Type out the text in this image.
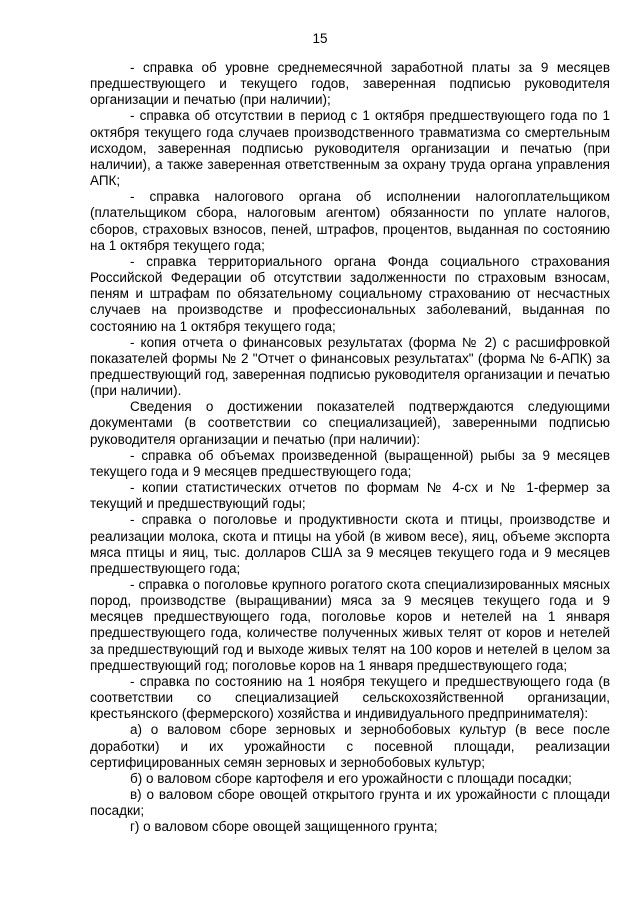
15

- справка об уровне среднемесячной заработной платы за 9 месяцев предшествующего и текущего годов, заверенная подписью руководителя организации и печатью (при наличии);

- справка об отсутствии в период с 1 октября предшествующего года по 1 октября текущего года случаев производственного травматизма со смертельным исходом, заверенная подписью руководителя организации и печатью (при наличии), а также заверенная ответственным за охрану труда органа управления АПК;

- справка налогового органа об исполнении налогоплательщиком (плательщиком сбора, налоговым агентом) обязанности по уплате налогов, сборов, страховых взносов, пеней, штрафов, процентов, выданная по состоянию на 1 октября текущего года;

- справка территориального органа Фонда социального страхования Российской Федерации об отсутствии задолженности по страховым взносам, пеням и штрафам по обязательному социальному страхованию от несчастных случаев на производстве и профессиональных заболеваний, выданная по состоянию на 1 октября текущего года;

- копия отчета о финансовых результатах (форма № 2) с расшифровкой показателей формы № 2 "Отчет о финансовых результатах" (форма № 6-АПК) за предшествующий год, заверенная подписью руководителя организации и печатью (при наличии).

Сведения о достижении показателей подтверждаются следующими документами (в соответствии со специализацией), заверенными подписью руководителя организации и печатью (при наличии):

- справка об объемах произведенной (выращенной) рыбы за 9 месяцев текущего года и 9 месяцев предшествующего года;

- копии статистических отчетов по формам № 4-сх и № 1-фермер за текущий и предшествующий годы;

- справка о поголовье и продуктивности скота и птицы, производстве и реализации молока, скота и птицы на убой (в живом весе), яиц, объеме экспорта мяса птицы и яиц, тыс. долларов США за 9 месяцев текущего года и 9 месяцев предшествующего года;

- справка о поголовье крупного рогатого скота специализированных мясных пород, производстве (выращивании) мяса за 9 месяцев текущего года и 9 месяцев предшествующего года, поголовье коров и нетелей на 1 января предшествующего года, количестве полученных живых телят от коров и нетелей за предшествующий год и выходе живых телят на 100 коров и нетелей в целом за предшествующий год; поголовье коров на 1 января предшествующего года;

- справка по состоянию на 1 ноября текущего и предшествующего года (в соответствии со специализацией сельскохозяйственной организации, крестьянского (фермерского) хозяйства и индивидуального предпринимателя):

а) о валовом сборе зерновых и зернобобовых культур (в весе после доработки) и их урожайности с посевной площади, реализации сертифицированных семян зерновых и зернобобовых культур;

б) о валовом сборе картофеля и его урожайности с площади посадки;

в) о валовом сборе овощей открытого грунта и их урожайности с площади посадки;

г) о валовом сборе овощей защищенного грунта;
